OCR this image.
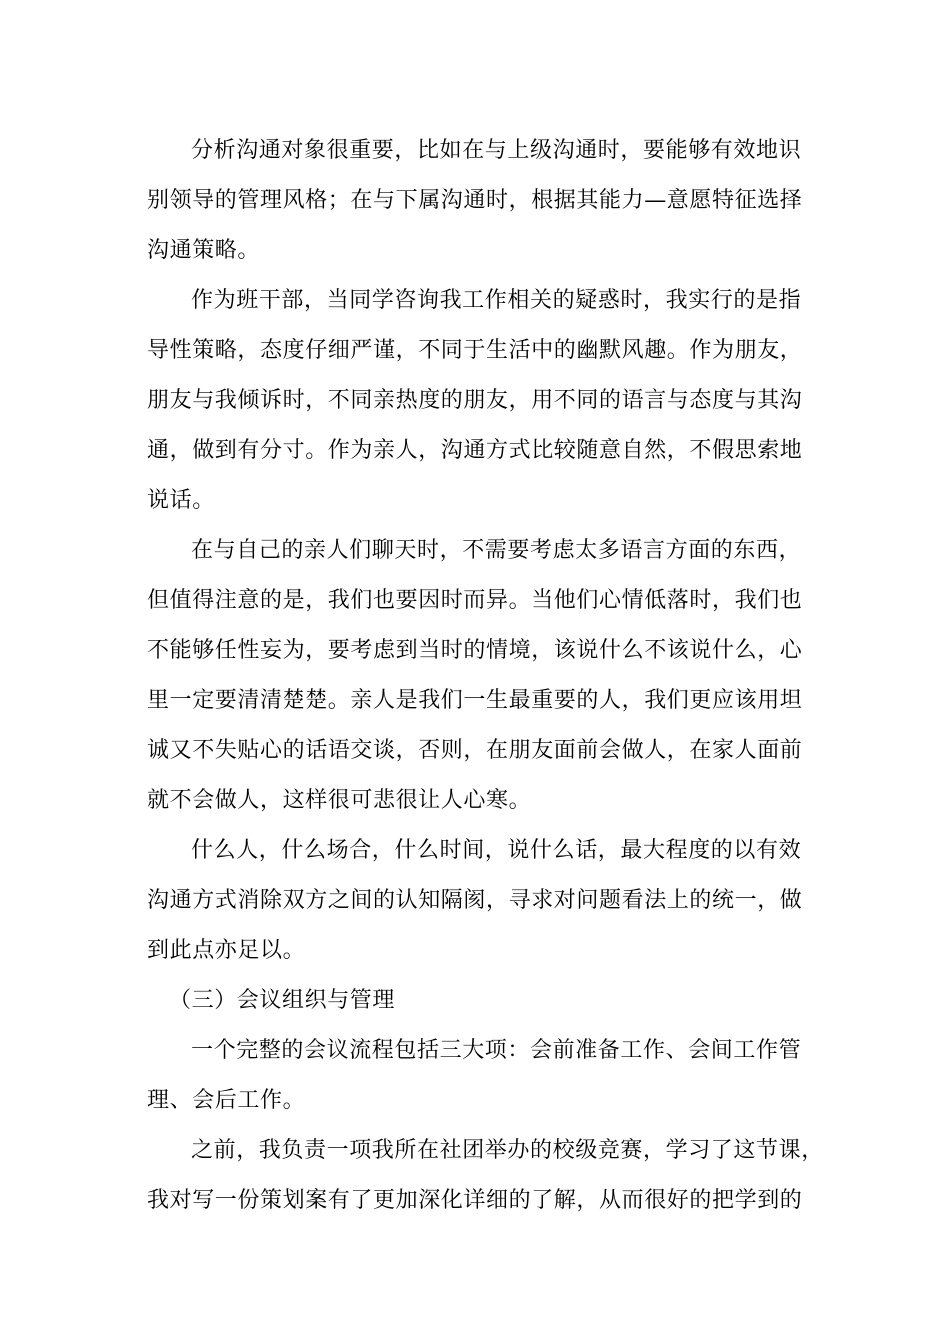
分析沟通对象很重要，比如在与上级沟通时，要能够有效地识
别领导的管理风格；在与下属沟通时，根据其能力—意愿特征选择
沟通策略。
作为班干部，当同学咨询我工作相关的疑惑时，我实行的是指
导性策略，态度仔细严谨，不同于生活中的幽默风趣。作为朋友，
朋友与我倾诉时，不同亲热度的朋友，用不同的语言与态度与其沟
通，做到有分寸。作为亲人，沟通方式比较随意自然，不假思索地
说话。
在与自己的亲人们聊天时，不需要考虑太多语言方面的东西，
但值得注意的是，我们也要因时而异。当他们心情低落时，我们也
不能够任性妄为，要考虑到当时的情境，该说什么不该说什么，心
里一定要清清楚楚。亲人是我们一生最重要的人，我们更应该用坦
诚又不失贴心的话语交谈，否则，在朋友面前会做人，在家人面前
就不会做人，这样很可悲很让人心寒。
什么人，什么场合，什么时间，说什么话，最大程度的以有效
沟通方式消除双方之间的认知隔阂，寻求对问题看法上的统一，做
到此点亦足以。
（三）会议组织与管理
一个完整的会议流程包括三大项：会前准备工作、会间工作管
理、会后工作。
之前，我负责一项我所在社团举办的校级竞赛，学习了这节课，
我对写一份策划案有了更加深化详细的了解，从而很好的把学到的
